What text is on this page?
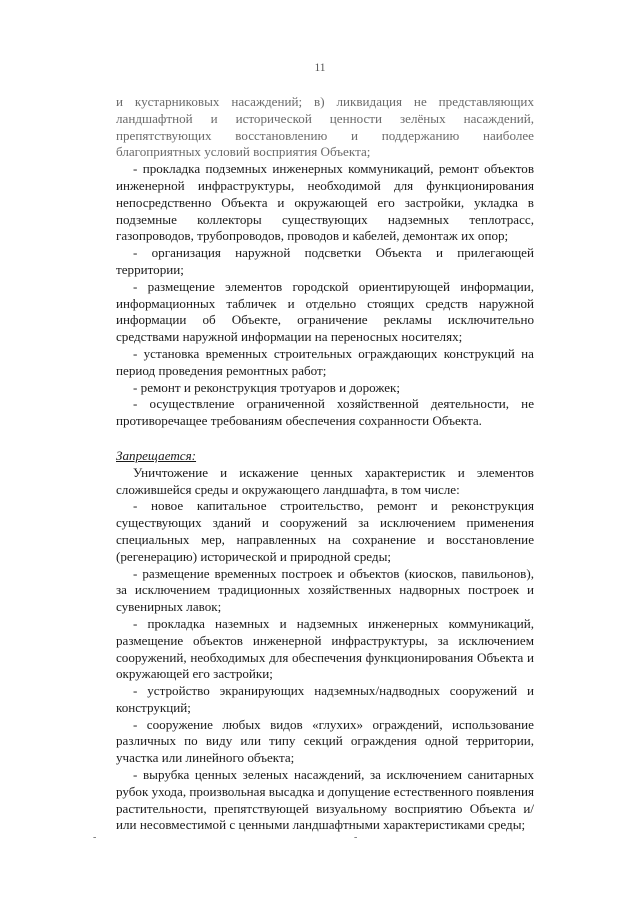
11

и кустарниковых насаждений; в) ликвидация не представляющих ландшафтной и исторической ценности зелёных насаждений, препятствующих восстановлению и поддержанию наиболее благоприятных условий восприятия Объекта;

- прокладка подземных инженерных коммуникаций, ремонт объектов инженерной инфраструктуры, необходимой для функционирования непосредственно Объекта и окружающей его застройки, укладка в подземные коллекторы существующих надземных теплотрасс, газопроводов, трубопроводов, проводов и кабелей, демонтаж их опор;

- организация наружной подсветки Объекта и прилегающей территории;

- размещение элементов городской ориентирующей информации, информационных табличек и отдельно стоящих средств наружной информации об Объекте, ограничение рекламы исключительно средствами наружной информации на переносных носителях;

- установка временных строительных ограждающих конструкций на период проведения ремонтных работ;

- ремонт и реконструкция тротуаров и дорожек;

- осуществление ограниченной хозяйственной деятельности, не противоречащее требованиям обеспечения сохранности Объекта.

Запрещается:

Уничтожение и искажение ценных характеристик и элементов сложившейся среды и окружающего ландшафта, в том числе:

- новое капитальное строительство, ремонт и реконструкция существующих зданий и сооружений за исключением применения специальных мер, направленных на сохранение и восстановление (регенерацию) исторической и природной среды;

- размещение временных построек и объектов (киосков, павильонов), за исключением традиционных хозяйственных надворных построек и сувенирных лавок;

- прокладка наземных и надземных инженерных коммуникаций, размещение объектов инженерной инфраструктуры, за исключением сооружений, необходимых для обеспечения функционирования Объекта и окружающей его застройки;

- устройство экранирующих надземных/надводных сооружений и конструкций;

- сооружение любых видов «глухих» ограждений, использование различных по виду или типу секций ограждения одной территории, участка или линейного объекта;

- вырубка ценных зеленых насаждений, за исключением санитарных рубок ухода, произвольная высадка и допущение естественного появления растительности, препятствующей визуальному восприятию Объекта и/или несовместимой с ценными ландшафтными характеристиками среды;

-	-
